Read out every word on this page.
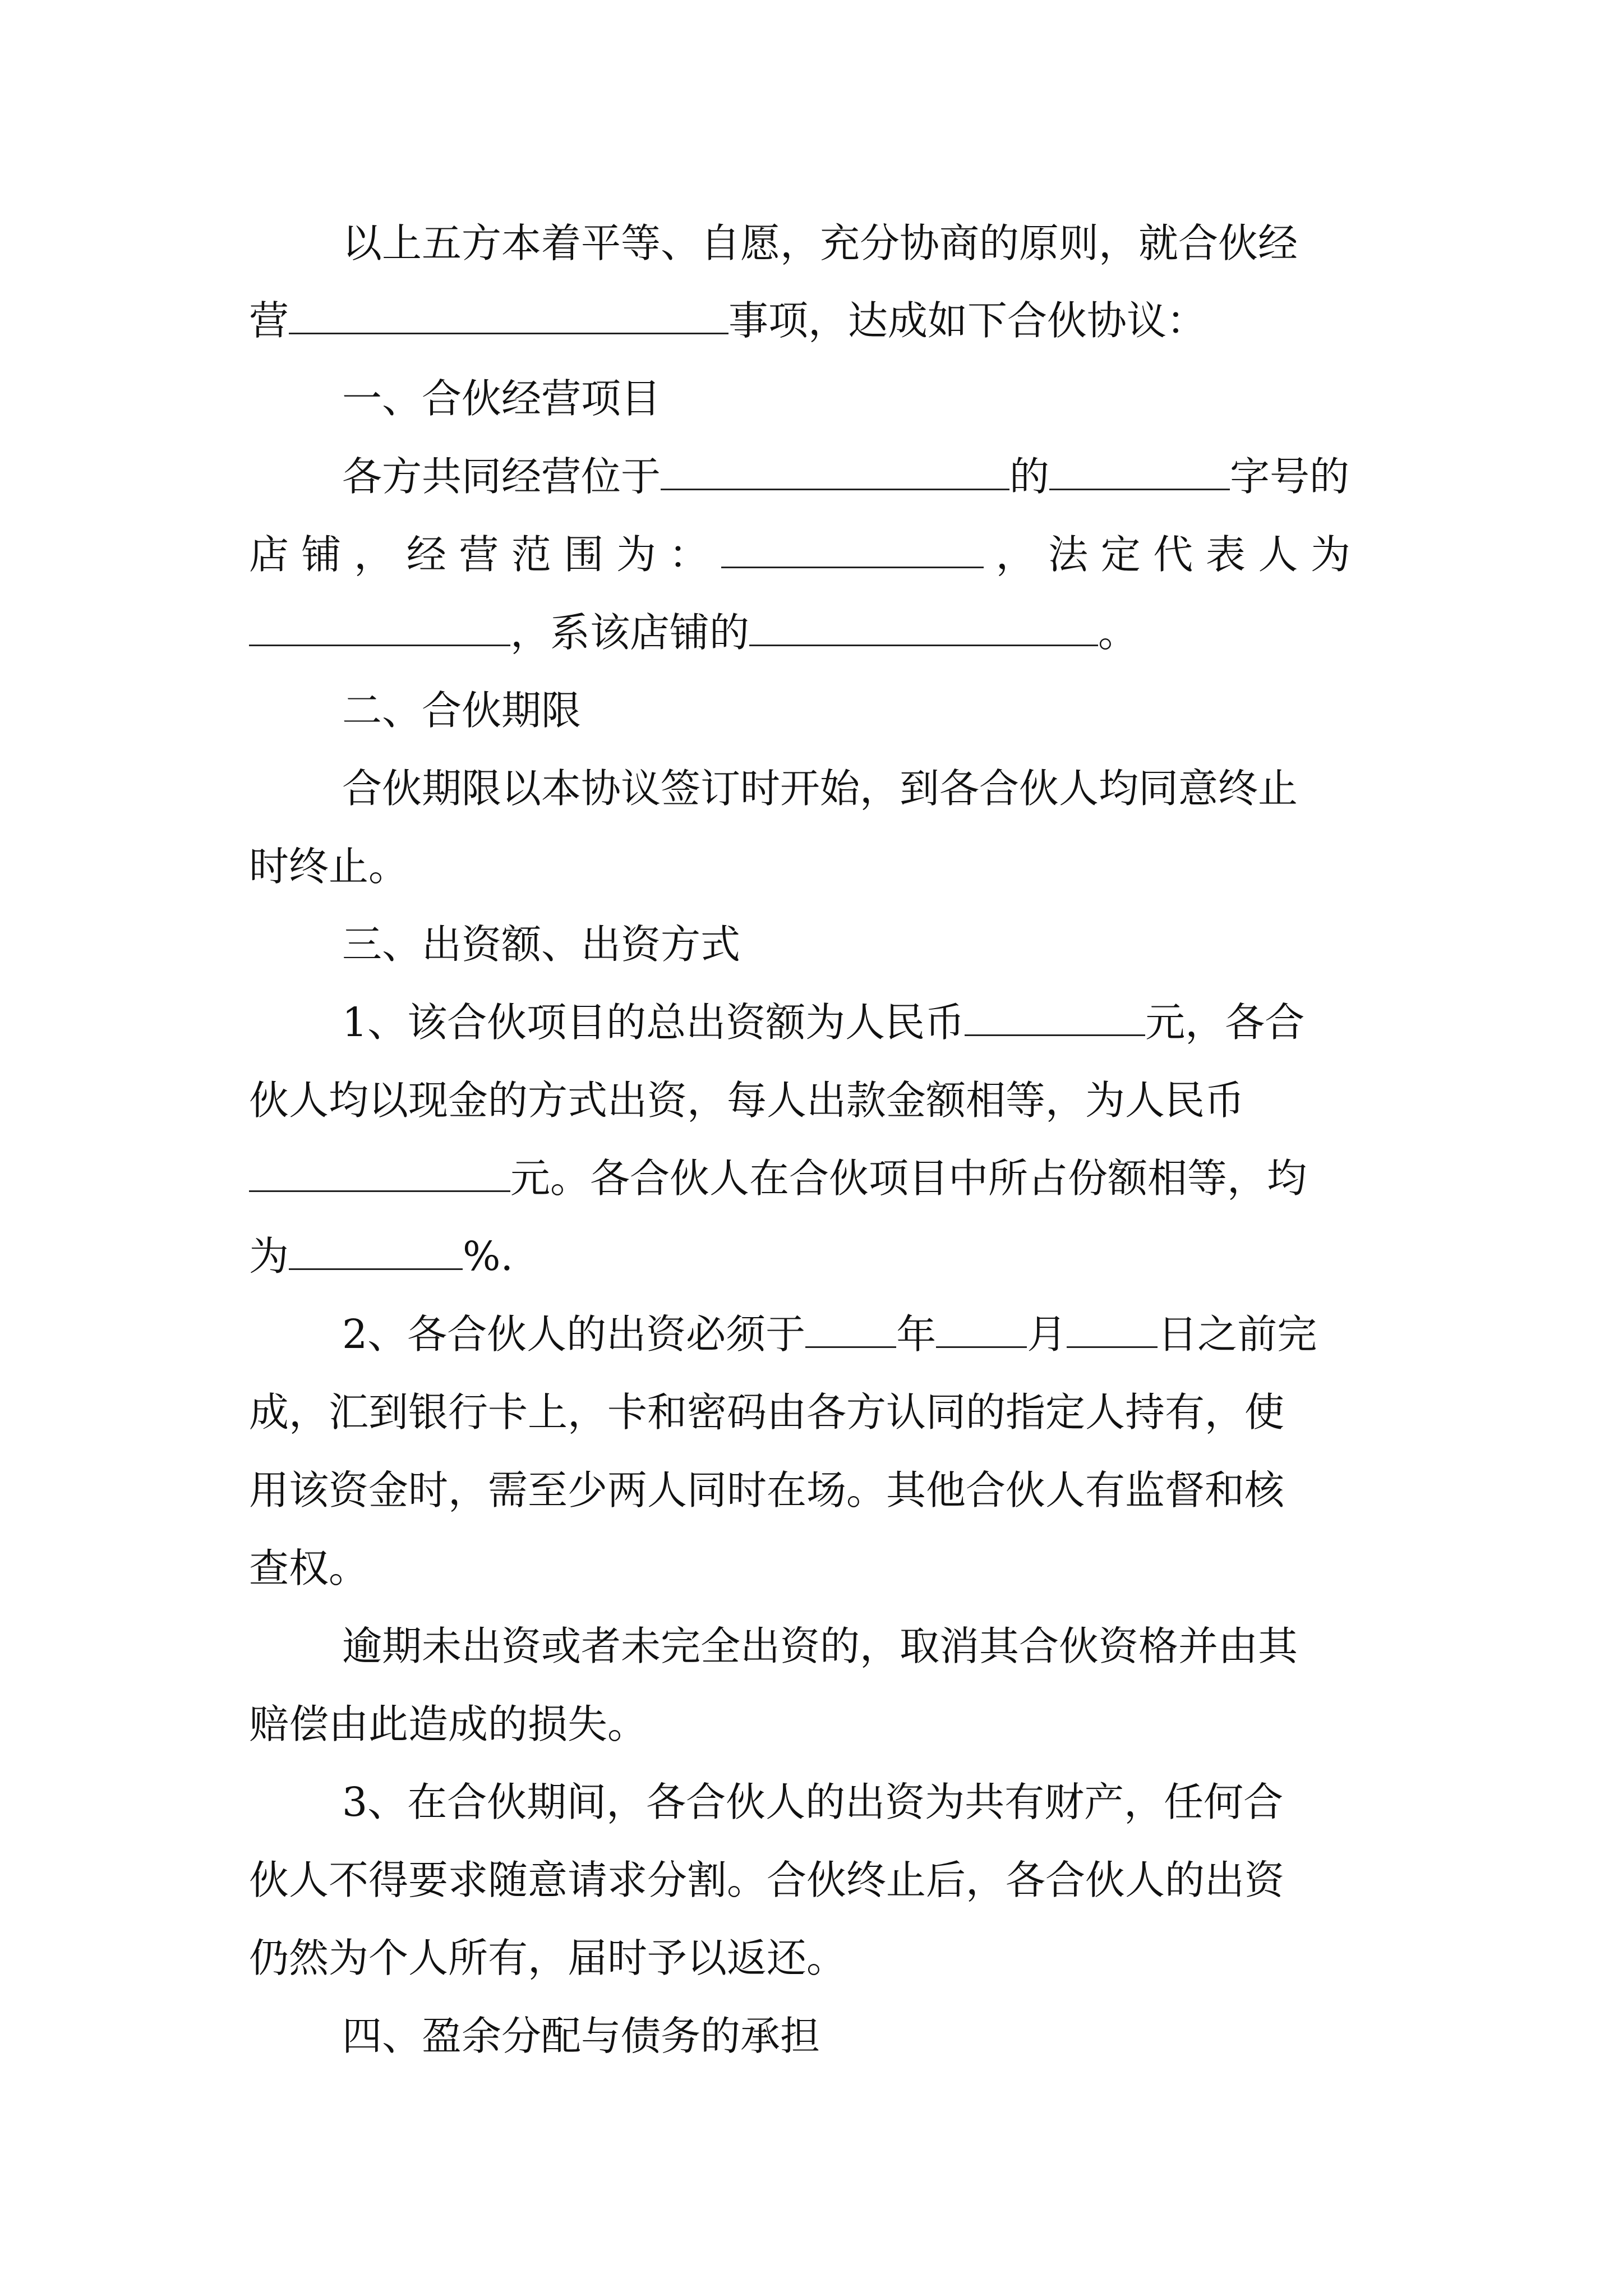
以上五方本着平等、自愿，充分协商的原则，就合伙经
营	事项，达成如下合伙协议：
一、合伙经营项目
各方共同经营位于	的	字号的
店 铺 ， 经 营 范 围 为 ：	， 法 定 代 表 人 为
，系该店铺的	。
二、合伙期限
合伙期限以本协议签订时开始，到各合伙人均同意终止
时终止。
三、出资额、出资方式
1、该合伙项目的总出资额为人民币	元，各合
伙人均以现金的方式出资，每人出款金额相等，为人民币
元。各合伙人在合伙项目中所占份额相等，均
为	%.
2、各合伙人的出资必须于 年 月 日之前完
成，汇到银行卡上，卡和密码由各方认同的指定人持有，使
用该资金时，需至少两人同时在场。其他合伙人有监督和核
查权。
逾期未出资或者未完全出资的，取消其合伙资格并由其
赔偿由此造成的损失。
3、在合伙期间，各合伙人的出资为共有财产，任何合
伙人不得要求随意请求分割。合伙终止后，各合伙人的出资
仍然为个人所有，届时予以返还。
四、盈余分配与债务的承担
